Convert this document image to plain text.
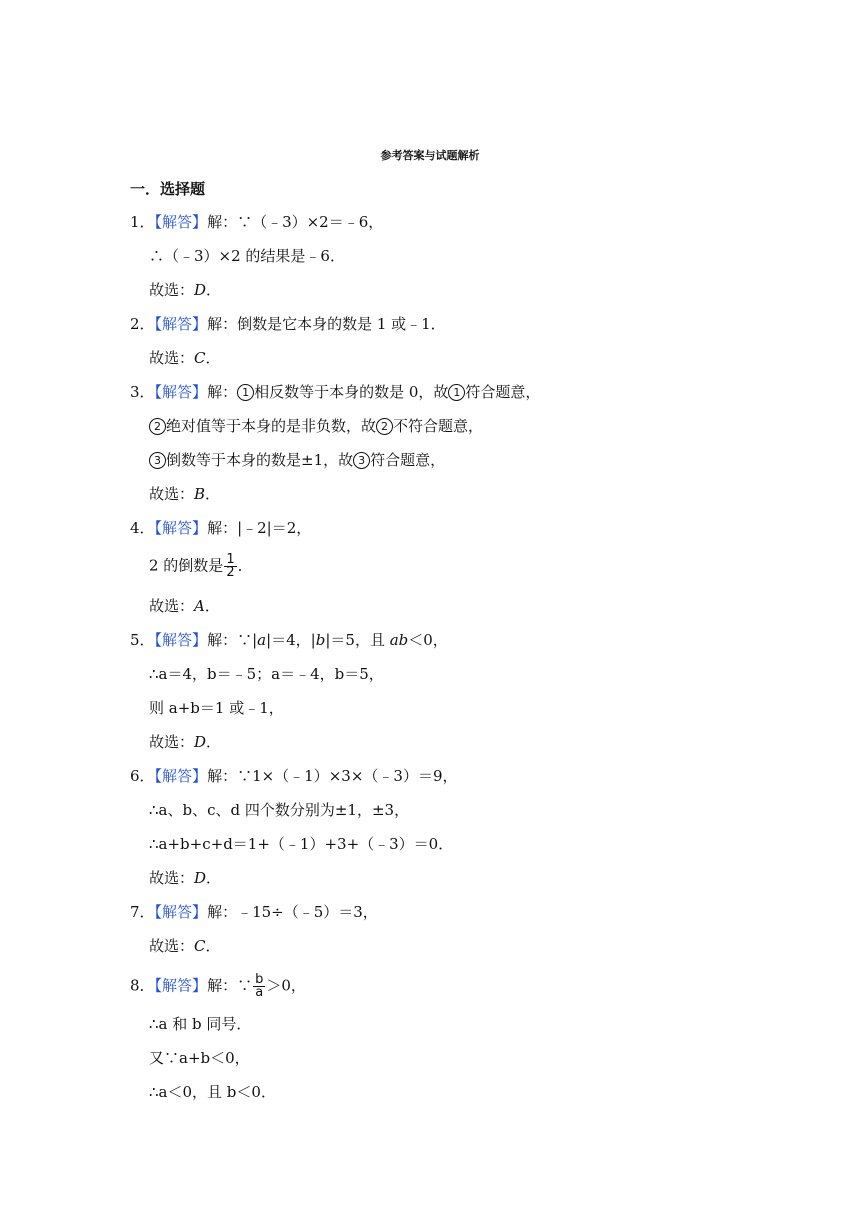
参考答案与试题解析
一．选择题
1．【解答】解：∵（﹣3）×2＝﹣6，
∴（﹣3）×2 的结果是﹣6．
故选：D．
2．【解答】解：倒数是它本身的数是 1 或﹣1．
故选：C．
3．【解答】解： 1 相反数等于本身的数是 0，故 1 符合题意，
2 绝对值等于本身的是非负数，故 2 不符合题意，
3 倒数等于本身的数是±1，故 3 符合题意，
故选：B．
4．【解答】解：|﹣2|＝2，
2 的倒数是 $\frac{1}{2}$ ．
故选：A．
5．【解答】解：∵|a|＝4，|b|＝5，且 ab＜0，
∴a＝4，b＝﹣5；a＝﹣4，b＝5，
则 a+b＝1 或﹣1，
故选：D．
6．【解答】解：∵1×（﹣1）×3×（﹣3）＝9，
∴a、b、c、d 四个数分别为±1，±3，
∴a+b+c+d＝1+（﹣1）+3+（﹣3）＝0．
故选：D．
7．【解答】解：﹣15÷（﹣5）＝3，
故选：C．
8．【解答】解：∵ $\frac{b}{a} >0$，
∴a 和 b 同号．
又∵a+b＜0，
∴a＜0，且 b＜0．
